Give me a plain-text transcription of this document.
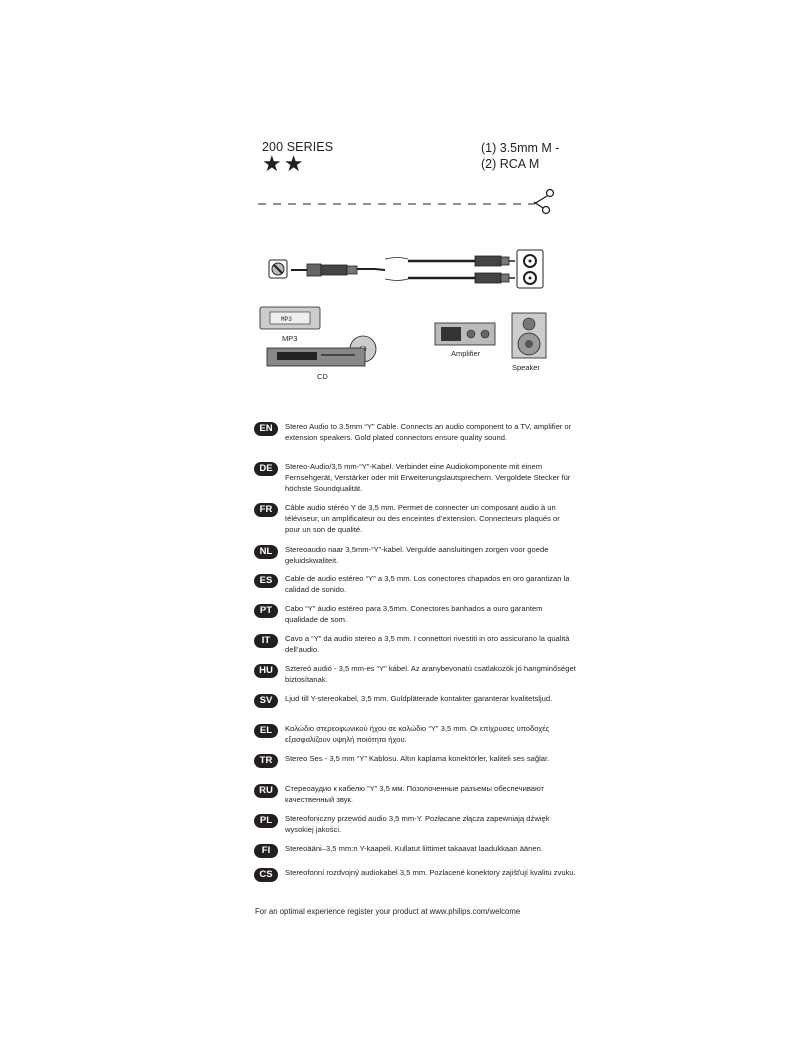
200 SERIES
★★
(1) 3.5mm M -
(2) RCA M
MP3
MP3
CD
Amplifier
Speaker
EN	Stereo Audio to 3.5mm “Y” Cable. Connects an audio component to a TV, amplifier or extension speakers. Gold plated connectors ensure quality sound.
DE	Stereo-Audio/3,5 mm-“Y”-Kabel. Verbindet eine Audiokomponente mit einem Fernsehgerät, Verstärker oder mit Erweiterungslautsprechern. Vergoldete Stecker für höchste Soundqualität.
FR	Câble audio stéréo Y de 3,5 mm. Permet de connecter un composant audio à un téléviseur, un amplificateur ou des enceintes d’extension. Connecteurs plaqués or pour un son de qualité.
NL	Stereoaudio naar 3,5mm-“Y”-kabel. Vergulde aansluitingen zorgen voor goede geluidskwaliteit.
ES	Cable de audio estéreo “Y” a 3,5 mm. Los conectores chapados en oro garantizan la calidad de sonido.
PT	Cabo “Y” áudio estéreo para 3,5mm. Conectores banhados a ouro garantem qualidade de som.
IT	Cavo a “Y” da audio stereo a 3,5 mm. I connettori rivestiti in oro assicurano la qualità dell’audio.
HU	Sztereó audió - 3,5 mm-es “Y” kábel. Az aranybevonatú csatlakozók jó hangminőséget biztosítanak.
SV	Ljud till Y-stereokabel, 3,5 mm. Guldpläterade kontakter garanterar kvalitetsljud.
EL	Καλώδιο στερεοφωνικού ήχου σε καλώδιο “Y” 3,5 mm. Οι επίχρυσες υποδοχές εξασφαλίζουν υψηλή ποιότητα ήχου.
TR	Stereo Ses - 3,5 mm “Y” Kablosu. Altın kaplama konektörler, kaliteli ses sağlar.
RU	Стереоаудио к кабелю “Y” 3,5 мм. Позолоченные разъемы обеспечивают качественный звук.
PL	Stereofoniczny przewód audio 3,5 mm-Y. Pozłacane złącza zapewniają dźwięk wysokiej jakości.
FI	Stereoääni–3,5 mm:n Y-kaapeli. Kullatut liittimet takaavat laadukkaan äänen.
CS	Stereofonní rozdvojný audiokabel 3,5 mm. Pozlacené konektory zajišťují kvalitu zvuku.
For an optimal experience register your product at www.philips.com/welcome
